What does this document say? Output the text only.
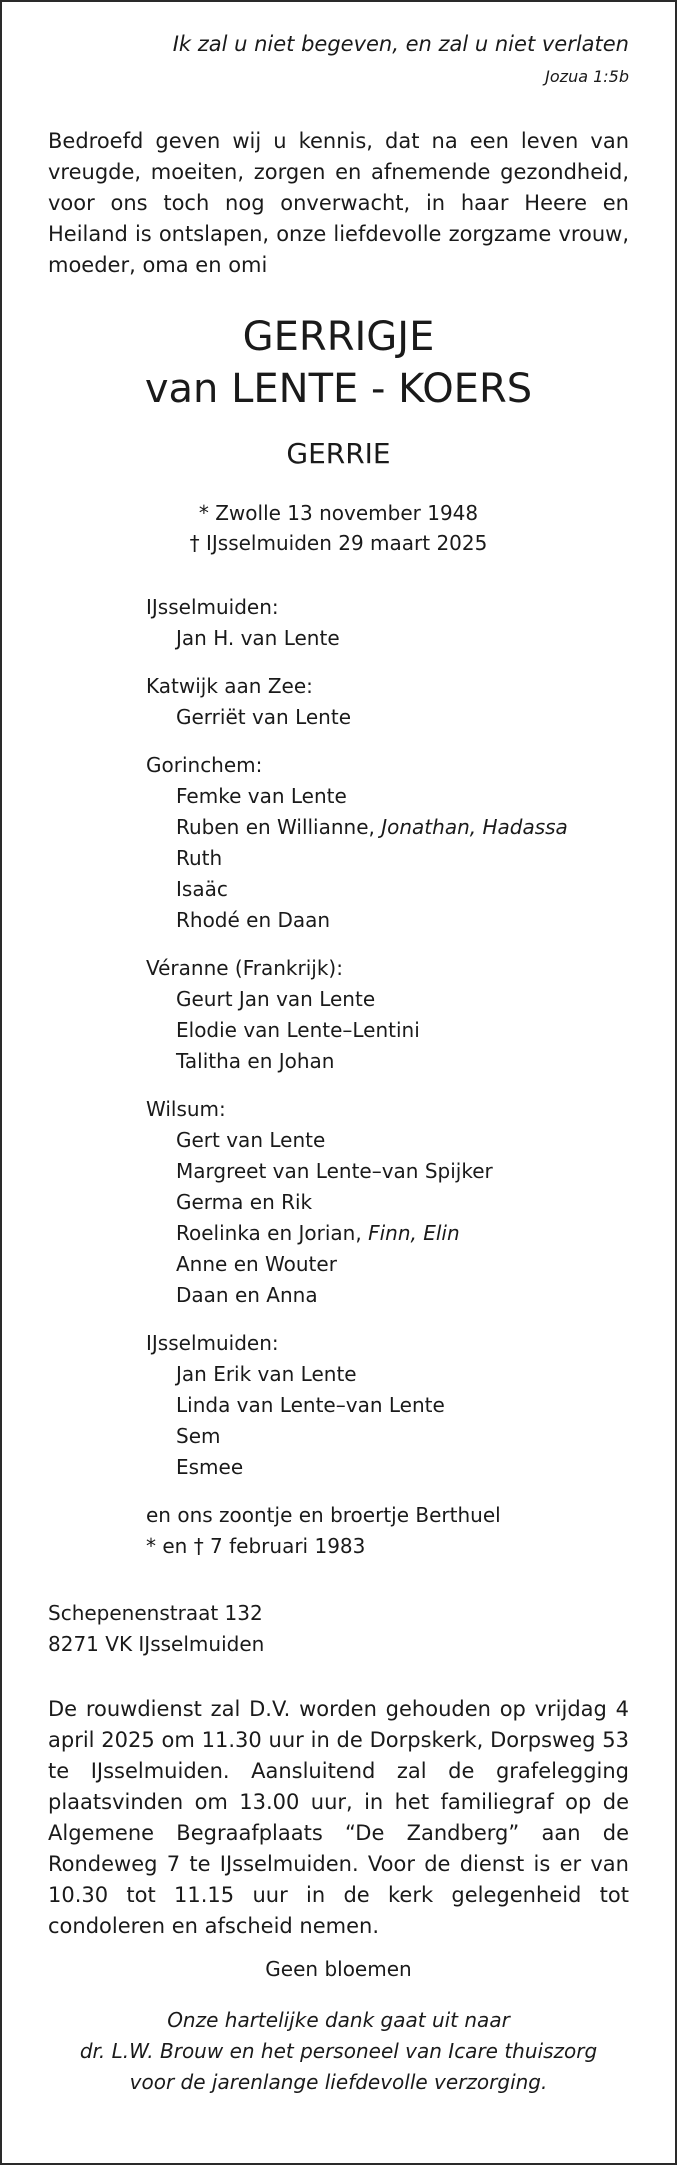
Ik zal u niet begeven, en zal u niet verlaten
Jozua 1:5b
Bedroefd geven wij u kennis, dat na een leven van vreugde, moeiten, zorgen en afnemende gezondheid, voor ons toch nog onverwacht, in haar Heere en Heiland is ontslapen, onze liefdevolle zorgzame vrouw, moeder, oma en omi
GERRIGJE
van LENTE - KOERS
GERRIE
* Zwolle 13 november 1948
† IJsselmuiden 29 maart 2025
IJsselmuiden:
Jan H. van Lente
Katwijk aan Zee:
Gerriët van Lente
Gorinchem:
Femke van Lente
Ruben en Willianne, Jonathan, Hadassa
Ruth
Isaäc
Rhodé en Daan
Véranne (Frankrijk):
Geurt Jan van Lente
Elodie van Lente–Lentini
Talitha en Johan
Wilsum:
Gert van Lente
Margreet van Lente–van Spijker
Germa en Rik
Roelinka en Jorian, Finn, Elin
Anne en Wouter
Daan en Anna
IJsselmuiden:
Jan Erik van Lente
Linda van Lente–van Lente
Sem
Esmee
en ons zoontje en broertje Berthuel
* en † 7 februari 1983
Schepenenstraat 132
8271 VK IJsselmuiden
De rouwdienst zal D.V. worden gehouden op vrijdag 4 april 2025 om 11.30 uur in de Dorpskerk, Dorpsweg 53 te IJsselmuiden. Aansluitend zal de grafelegging plaatsvinden om 13.00 uur, in het familiegraf op de Algemene Begraafplaats “De Zandberg” aan de Rondeweg 7 te IJsselmuiden. Voor de dienst is er van 10.30 tot 11.15 uur in de kerk gelegenheid tot condoleren en afscheid nemen.
Geen bloemen
Onze hartelijke dank gaat uit naar
dr. L.W. Brouw en het personeel van Icare thuiszorg
voor de jarenlange liefdevolle verzorging.
